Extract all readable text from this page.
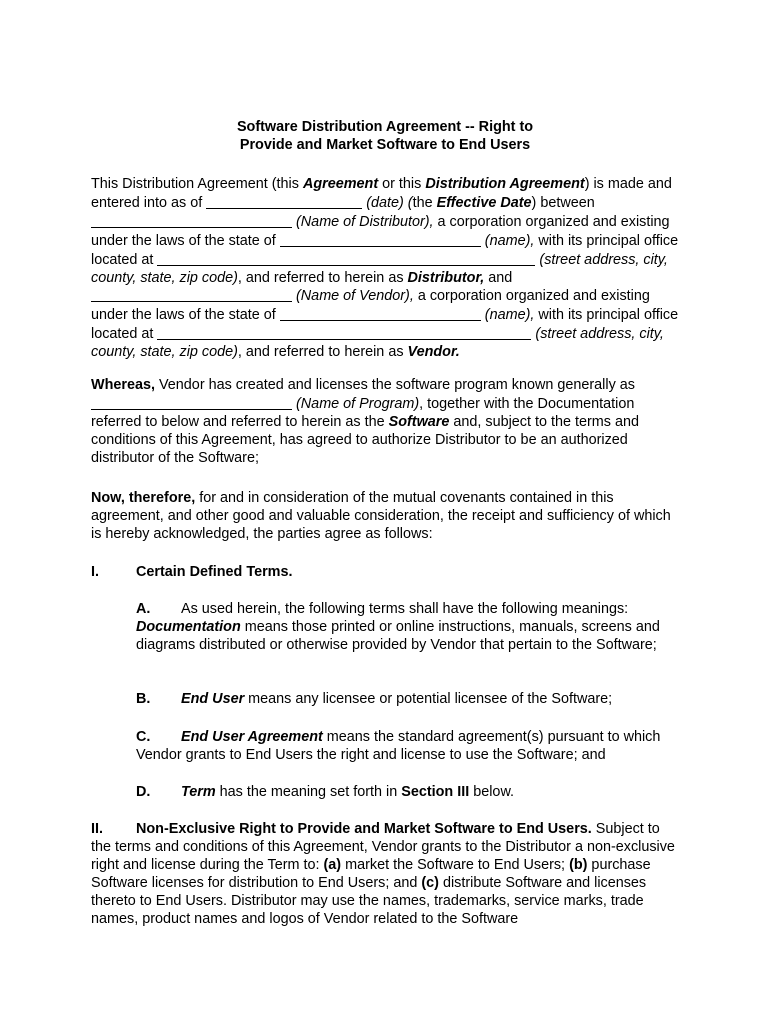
Software Distribution Agreement -- Right to
Provide and Market Software to End Users

This Distribution Agreement (this Agreement or this Distribution Agreement) is made and entered into as of	(date) (the Effective Date) between  (Name of Distributor), a corporation organized and existing under the laws of the state of	(name), with its principal office located at	(street address, city, county, state, zip code), and referred to herein as Distributor, and  (Name of Vendor), a corporation organized and existing under the laws of the state of	(name), with its principal office located at	(street address, city, county, state, zip code), and referred to herein as Vendor.

Whereas, Vendor has created and licenses the software program known generally as  (Name of Program), together with the Documentation referred to below and referred to herein as the Software and, subject to the terms and conditions of this Agreement, has agreed to authorize Distributor to be an authorized distributor of the Software;

Now, therefore, for and in consideration of the mutual covenants contained in this agreement, and other good and valuable consideration, the receipt and sufficiency of which is hereby acknowledged, the parties agree as follows:

I.	Certain Defined Terms.
A. As used herein, the following terms shall have the following meanings: Documentation means those printed or online instructions, manuals, screens and diagrams distributed or otherwise provided by Vendor that pertain to the Software;
B. End User means any licensee or potential licensee of the Software;
C. End User Agreement means the standard agreement(s) pursuant to which Vendor grants to End Users the right and license to use the Software; and
D. Term has the meaning set forth in Section III below.
II. Non-Exclusive Right to Provide and Market Software to End Users. Subject to the terms and conditions of this Agreement, Vendor grants to the Distributor a non-exclusive right and license during the Term to: (a) market the Software to End Users; (b) purchase Software licenses for distribution to End Users; and (c) distribute Software and licenses thereto to End Users. Distributor may use the names, trademarks, service marks, trade names, product names and logos of Vendor related to the Software
